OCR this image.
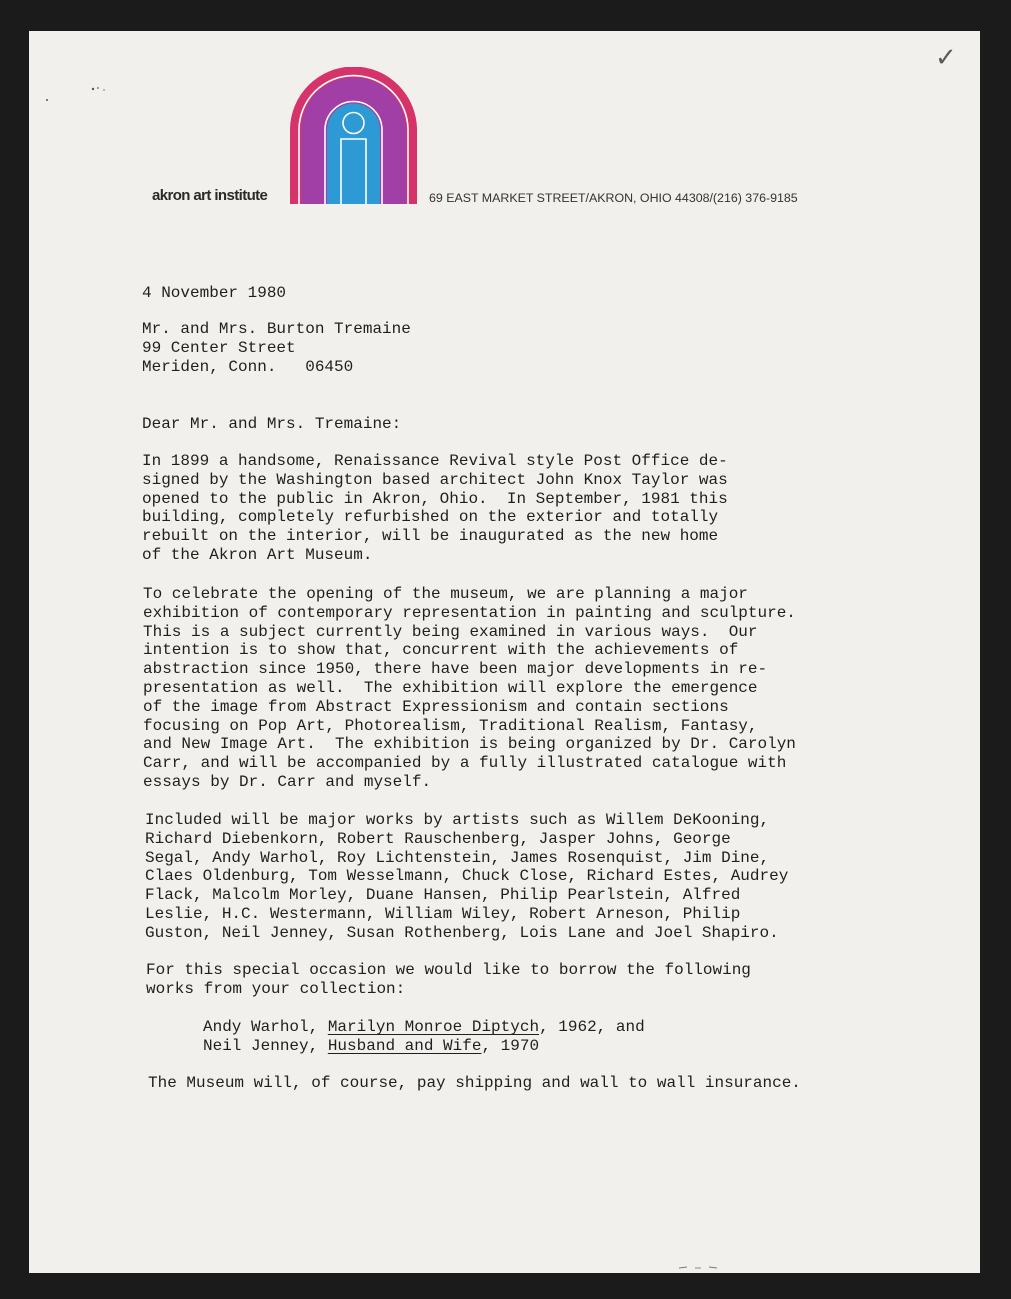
✓
akron art institute	69 EAST MARKET STREET/AKRON, OHIO 44308/(216) 376-9185

4 November 1980

Mr. and Mrs. Burton Tremaine
99 Center Street
Meriden, Conn.   06450

Dear Mr. and Mrs. Tremaine:

In 1899 a handsome, Renaissance Revival style Post Office de-
signed by the Washington based architect John Knox Taylor was
opened to the public in Akron, Ohio.  In September, 1981 this
building, completely refurbished on the exterior and totally
rebuilt on the interior, will be inaugurated as the new home
of the Akron Art Museum.
To celebrate the opening of the museum, we are planning a major
exhibition of contemporary representation in painting and sculpture.
This is a subject currently being examined in various ways.  Our
intention is to show that, concurrent with the achievements of
abstraction since 1950, there have been major developments in re-
presentation as well.  The exhibition will explore the emergence
of the image from Abstract Expressionism and contain sections
focusing on Pop Art, Photorealism, Traditional Realism, Fantasy,
and New Image Art.  The exhibition is being organized by Dr. Carolyn
Carr, and will be accompanied by a fully illustrated catalogue with
essays by Dr. Carr and myself.
Included will be major works by artists such as Willem DeKooning,
Richard Diebenkorn, Robert Rauschenberg, Jasper Johns, George
Segal, Andy Warhol, Roy Lichtenstein, James Rosenquist, Jim Dine,
Claes Oldenburg, Tom Wesselmann, Chuck Close, Richard Estes, Audrey
Flack, Malcolm Morley, Duane Hansen, Philip Pearlstein, Alfred
Leslie, H.C. Westermann, William Wiley, Robert Arneson, Philip
Guston, Neil Jenney, Susan Rothenberg, Lois Lane and Joel Shapiro.
For this special occasion we would like to borrow the following
works from your collection:
Andy Warhol, Marilyn Monroe Diptych, 1962, and
Neil Jenney, Husband and Wife, 1970

The Museum will, of course, pay shipping and wall to wall insurance.
